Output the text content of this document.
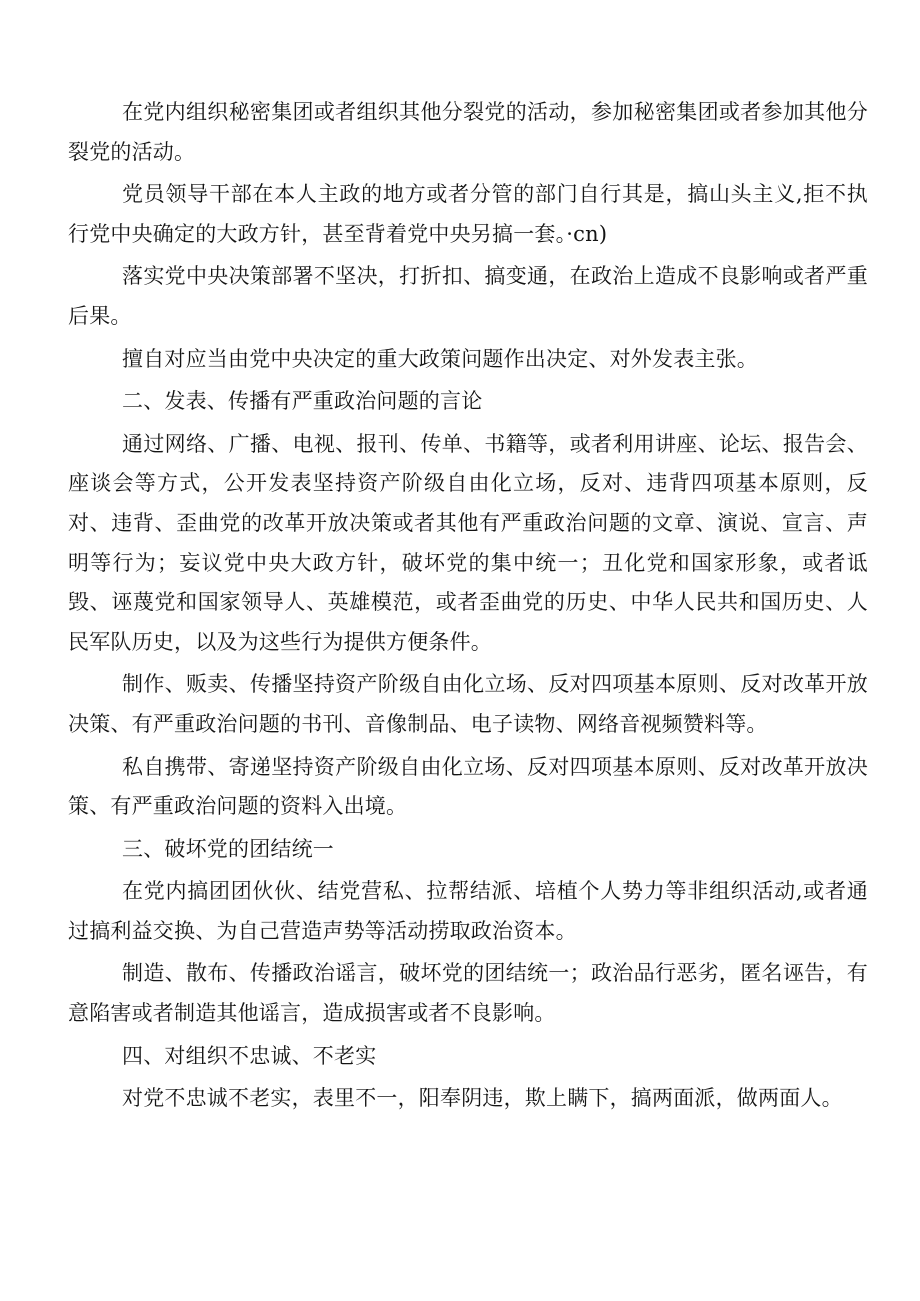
在党内组织秘密集团或者组织其他分裂党的活动，参加秘密集团或者参加其他分裂党的活动。

党员领导干部在本人主政的地方或者分管的部门自行其是，搞山头主义,拒不执行党中央确定的大政方针，甚至背着党中央另搞一套。·cn)

落实党中央决策部署不坚决，打折扣、搞变通，在政治上造成不良影响或者严重后果。

擅自对应当由党中央决定的重大政策问题作出决定、对外发表主张。

二、发表、传播有严重政治问题的言论

通过网络、广播、电视、报刊、传单、书籍等，或者利用讲座、论坛、报告会、座谈会等方式，公开发表坚持资产阶级自由化立场，反对、违背四项基本原则，反对、违背、歪曲党的改革开放决策或者其他有严重政治问题的文章、演说、宣言、声明等行为；妄议党中央大政方针，破坏党的集中统一；丑化党和国家形象，或者诋毁、诬蔑党和国家领导人、英雄模范，或者歪曲党的历史、中华人民共和国历史、人民军队历史，以及为这些行为提供方便条件。

制作、贩卖、传播坚持资产阶级自由化立场、反对四项基本原则、反对改革开放决策、有严重政治问题的书刊、音像制品、电子读物、网络音视频赞料等。

私自携带、寄递坚持资产阶级自由化立场、反对四项基本原则、反对改革开放决策、有严重政治问题的资料入出境。

三、破坏党的团结统一

在党内搞团团伙伙、结党营私、拉帮结派、培植个人势力等非组织活动,或者通过搞利益交换、为自己营造声势等活动捞取政治资本。

制造、散布、传播政治谣言，破坏党的团结统一；政治品行恶劣，匿名诬告，有意陷害或者制造其他谣言，造成损害或者不良影响。

四、对组织不忠诚、不老实

对党不忠诚不老实，表里不一，阳奉阴违，欺上瞒下，搞两面派，做两面人。
